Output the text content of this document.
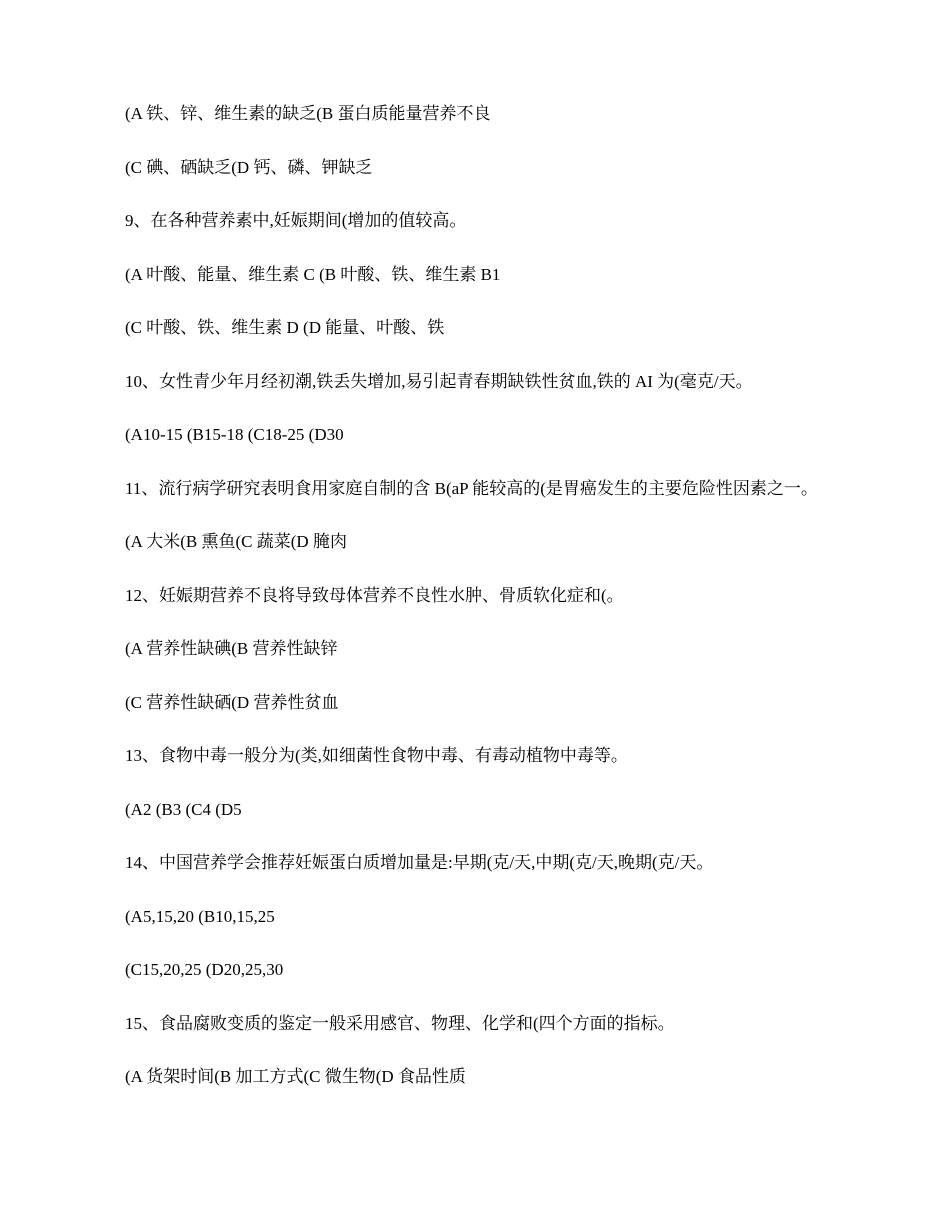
(A 铁、锌、维生素的缺乏(B 蛋白质能量营养不良

(C 碘、硒缺乏(D 钙、磷、钾缺乏

9、在各种营养素中,妊娠期间(增加的值较高。

(A 叶酸、能量、维生素 C (B 叶酸、铁、维生素 B1

(C 叶酸、铁、维生素 D (D 能量、叶酸、铁

10、女性青少年月经初潮,铁丢失增加,易引起青春期缺铁性贫血,铁的 AI 为(毫克/天。

(A10-15 (B15-18 (C18-25 (D30

11、流行病学研究表明食用家庭自制的含 B(aP 能较高的(是胃癌发生的主要危险性因素之一。

(A 大米(B 熏鱼(C 蔬菜(D 腌肉

12、妊娠期营养不良将导致母体营养不良性水肿、骨质软化症和(。

(A 营养性缺碘(B 营养性缺锌

(C 营养性缺硒(D 营养性贫血

13、食物中毒一般分为(类,如细菌性食物中毒、有毒动植物中毒等。

(A2 (B3 (C4 (D5

14、中国营养学会推荐妊娠蛋白质增加量是:早期(克/天,中期(克/天,晚期(克/天。

(A5,15,20 (B10,15,25

(C15,20,25 (D20,25,30

15、食品腐败变质的鉴定一般采用感官、物理、化学和(四个方面的指标。

(A 货架时间(B 加工方式(C 微生物(D 食品性质
